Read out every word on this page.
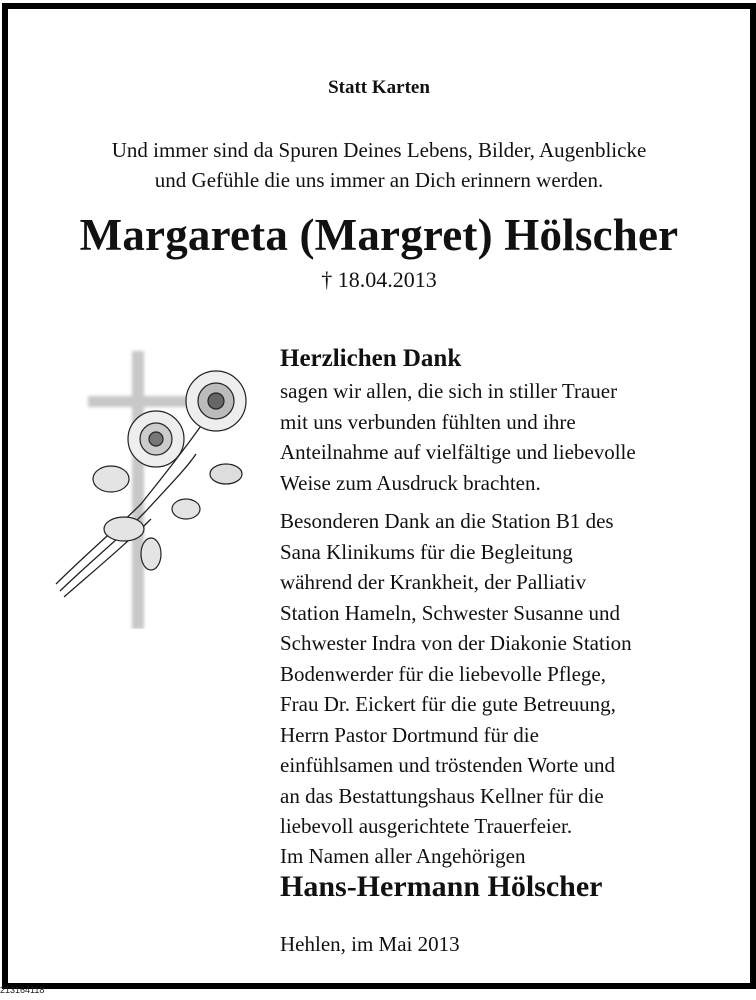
Statt Karten
Und immer sind da Spuren Deines Lebens, Bilder, Augenblicke
und Gefühle die uns immer an Dich erinnern werden.
Margareta (Margret) Hölscher
† 18.04.2013
Herzlichen Dank
sagen wir allen, die sich in stiller Trauer
mit uns verbunden fühlten und ihre
Anteilnahme auf vielfältige und liebevolle
Weise zum Ausdruck brachten.
Besonderen Dank an die Station B1 des
Sana Klinikums für die Begleitung
während der Krankheit, der Palliativ
Station Hameln, Schwester Susanne und
Schwester Indra von der Diakonie Station
Bodenwerder für die liebevolle Pflege,
Frau Dr. Eickert für die gute Betreuung,
Herrn Pastor Dortmund für die
einfühlsamen und tröstenden Worte und
an das Bestattungshaus Kellner für die
liebevoll ausgerichtete Trauerfeier.
Im Namen aller Angehörigen
Hans-Hermann Hölscher
Hehlen, im Mai 2013
213164118
